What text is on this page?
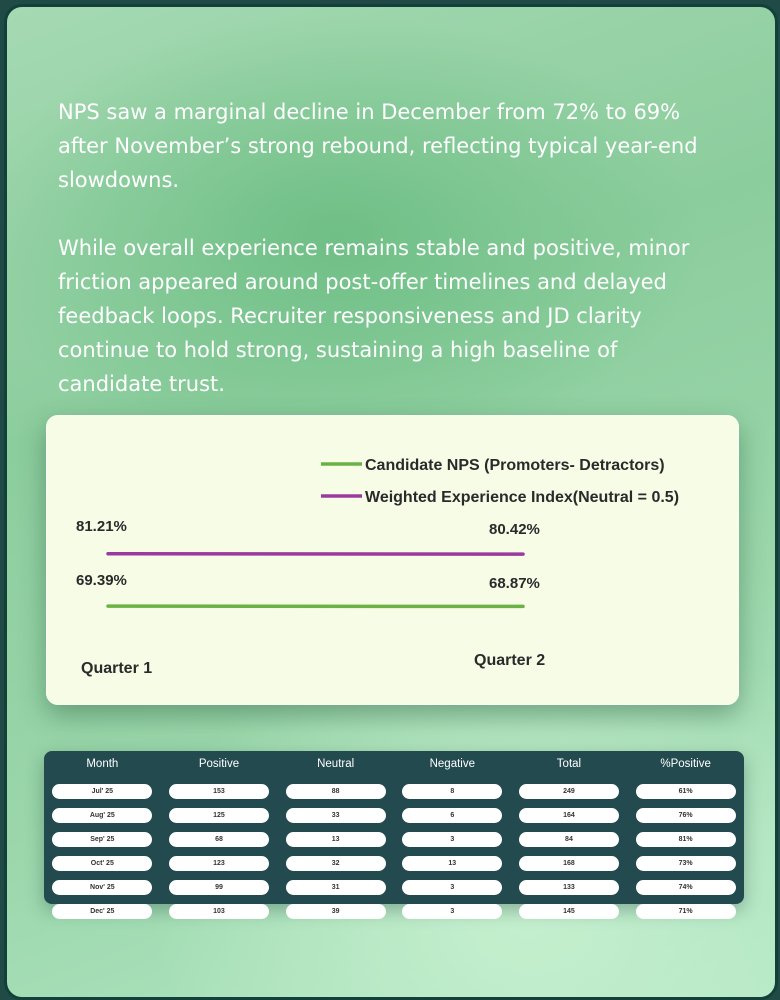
NPS saw a marginal decline in December from 72% to 69% after November’s strong rebound, reflecting typical year-end slowdowns.

While overall experience remains stable and positive, minor friction appeared around post-offer timelines and delayed feedback loops. Recruiter responsiveness and JD clarity continue to hold strong, sustaining a high baseline of candidate trust.

Candidate NPS (Promoters- Detractors)
Weighted Experience Index(Neutral = 0.5)
81.21%	80.42%
69.39%	68.87%
Quarter 1	Quarter 2
Month	Positive	Neutral	Negative	Total	%Positive
Jul' 25	153	88	8	249	61%
Aug' 25	125	33	6	164	76%
Sep' 25	68	13	3	84	81%
Oct' 25	123	32	13	168	73%
Nov' 25	99	31	3	133	74%
Dec' 25	103	39	3	145	71%
